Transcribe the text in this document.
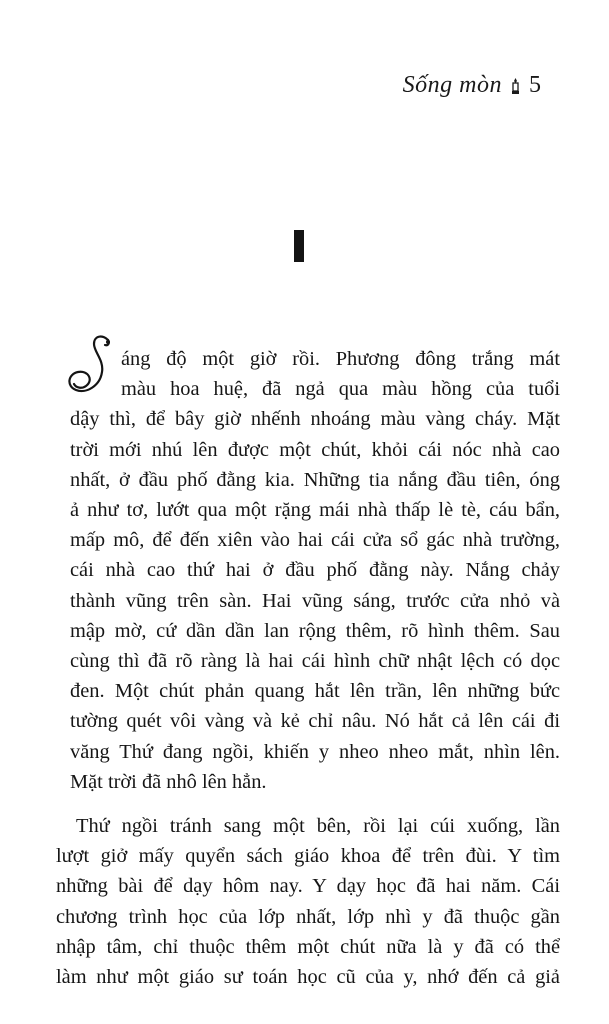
Sống mòn 5
áng độ một giờ rồi. Phương đông trắng mát
màu hoa huệ, đã ngả qua màu hồng của tuổi
dậy thì, để bây giờ nhếnh nhoáng màu vàng cháy. Mặt
trời mới nhú lên được một chút, khỏi cái nóc nhà cao
nhất, ở đầu phố đằng kia. Những tia nắng đầu tiên, óng
ả như tơ, lướt qua một rặng mái nhà thấp lè tè, cáu bẩn,
mấp mô, để đến xiên vào hai cái cửa sổ gác nhà trường,
cái nhà cao thứ hai ở đầu phố đằng này. Nắng chảy
thành vũng trên sàn. Hai vũng sáng, trước cửa nhỏ và
mập mờ, cứ dần dần lan rộng thêm, rõ hình thêm. Sau
cùng thì đã rõ ràng là hai cái hình chữ nhật lệch có dọc
đen. Một chút phản quang hắt lên trần, lên những bức
tường quét vôi vàng và kẻ chỉ nâu. Nó hắt cả lên cái đi
văng Thứ đang ngồi, khiến y nheo nheo mắt, nhìn lên.
Mặt trời đã nhô lên hẳn.
Thứ ngồi tránh sang một bên, rồi lại cúi xuống, lần
lượt giở mấy quyển sách giáo khoa để trên đùi. Y tìm
những bài để dạy hôm nay. Y dạy học đã hai năm. Cái
chương trình học của lớp nhất, lớp nhì y đã thuộc gần
nhập tâm, chỉ thuộc thêm một chút nữa là y đã có thể
làm như một giáo sư toán học cũ của y, nhớ đến cả giả
